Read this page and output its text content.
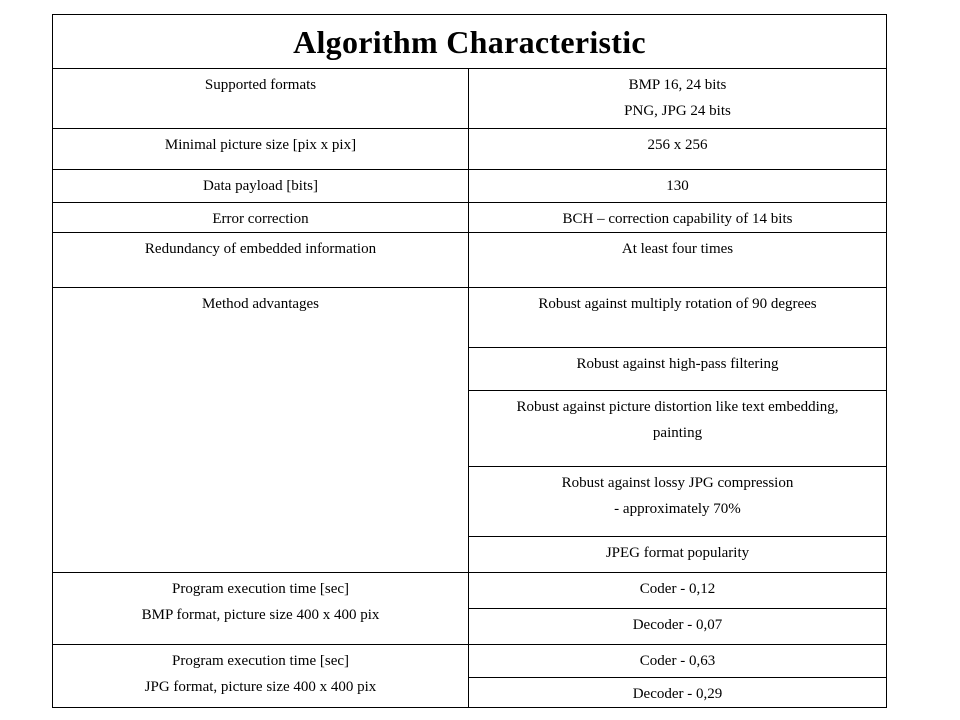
Algorithm Characteristic	

Supported formats	BMP 16, 24 bits
PNG, JPG 24 bits

Minimal picture size [pix x pix]	256 x 256

Data payload [bits]	130

Error correction	BCH – correction capability of 14 bits

Redundancy of embedded information	At least four times

Method advantages	Robust against multiply rotation of 90 degrees

	Robust against high-pass filtering

	Robust against picture distortion like text embedding,
painting

	Robust against lossy JPG compression
- approximately 70%

	JPEG format popularity

Program execution time [sec]
BMP format, picture size 400 x 400 pix	Coder - 0,12

	Decoder - 0,07

Program execution time [sec]
JPG format, picture size 400 x 400 pix	Coder - 0,63

	Decoder - 0,29
